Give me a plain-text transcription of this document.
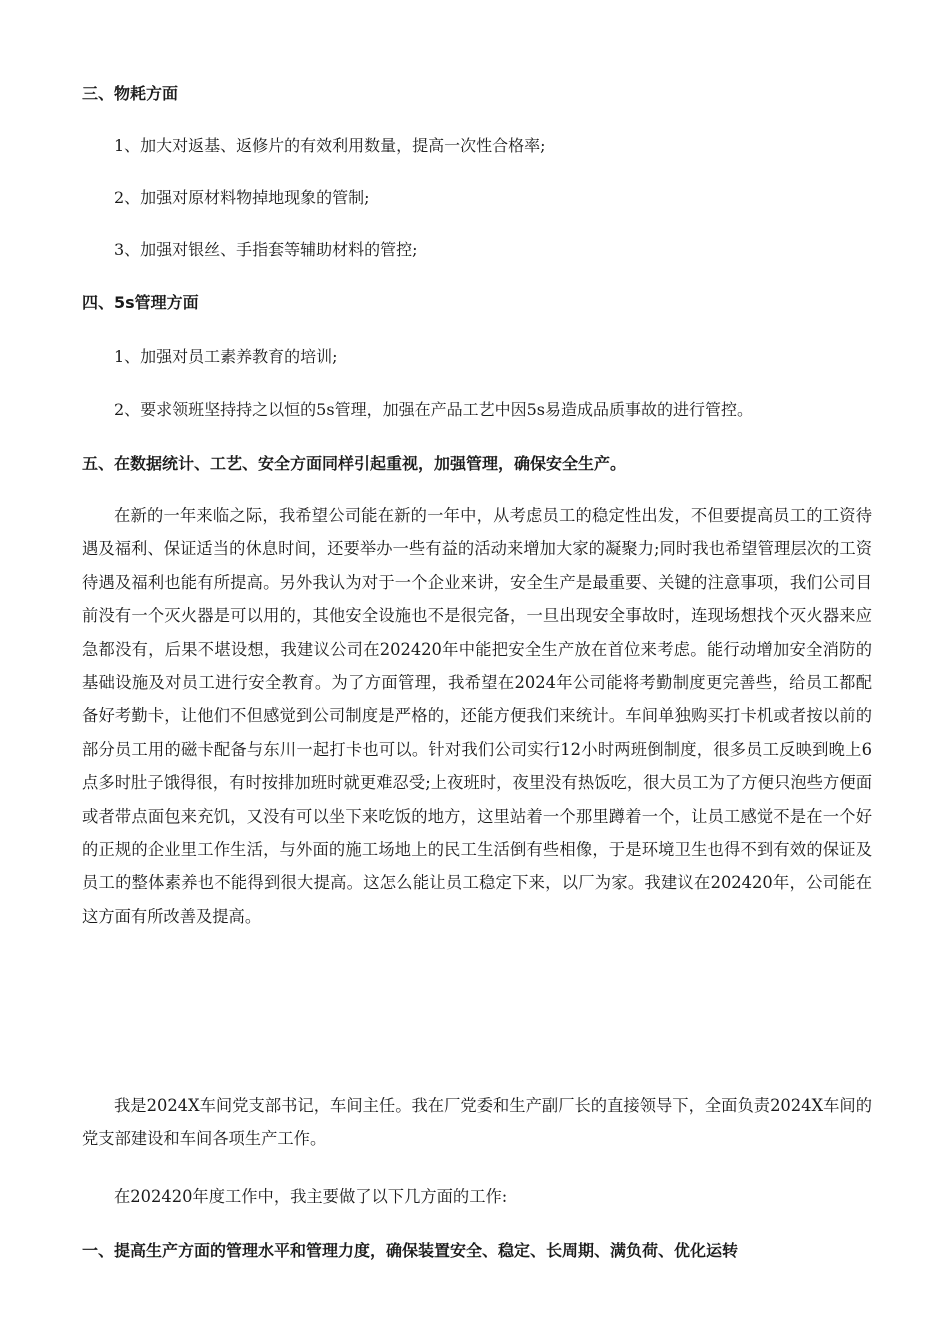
三、物耗方面
1、加大对返基、返修片的有效利用数量，提高一次性合格率;
2、加强对原材料物掉地现象的管制;
3、加强对银丝、手指套等辅助材料的管控;
四、5s管理方面
1、加强对员工素养教育的培训;
2、要求领班坚持持之以恒的5s管理，加强在产品工艺中因5s易造成品质事故的进行管控。
五、在数据统计、工艺、安全方面同样引起重视，加强管理，确保安全生产。

在新的一年来临之际，我希望公司能在新的一年中，从考虑员工的稳定性出发，不但要提高员工的工资待遇及福利、保证适当的休息时间，还要举办一些有益的活动来增加大家的凝聚力;同时我也希望管理层次的工资待遇及福利也能有所提高。另外我认为对于一个企业来讲，安全生产是最重要、关键的注意事项，我们公司目前没有一个灭火器是可以用的，其他安全设施也不是很完备，一旦出现安全事故时，连现场想找个灭火器来应急都没有，后果不堪设想，我建议公司在202420年中能把安全生产放在首位来考虑。能行动增加安全消防的基础设施及对员工进行安全教育。为了方面管理，我希望在2024年公司能将考勤制度更完善些，给员工都配备好考勤卡，让他们不但感觉到公司制度是严格的，还能方便我们来统计。车间单独购买打卡机或者按以前的部分员工用的磁卡配备与东川一起打卡也可以。针对我们公司实行12小时两班倒制度，很多员工反映到晚上6点多时肚子饿得很，有时按排加班时就更难忍受;上夜班时，夜里没有热饭吃，很大员工为了方便只泡些方便面或者带点面包来充饥，又没有可以坐下来吃饭的地方，这里站着一个那里蹲着一个，让员工感觉不是在一个好的正规的企业里工作生活，与外面的施工场地上的民工生活倒有些相像，于是环境卫生也得不到有效的保证及员工的整体素养也不能得到很大提高。这怎么能让员工稳定下来，以厂为家。我建议在202420年，公司能在这方面有所改善及提高。

我是2024X车间党支部书记，车间主任。我在厂党委和生产副厂长的直接领导下，全面负责2024X车间的党支部建设和车间各项生产工作。

在202420年度工作中，我主要做了以下几方面的工作:

一、提高生产方面的管理水平和管理力度，确保装置安全、稳定、长周期、满负荷、优化运转
